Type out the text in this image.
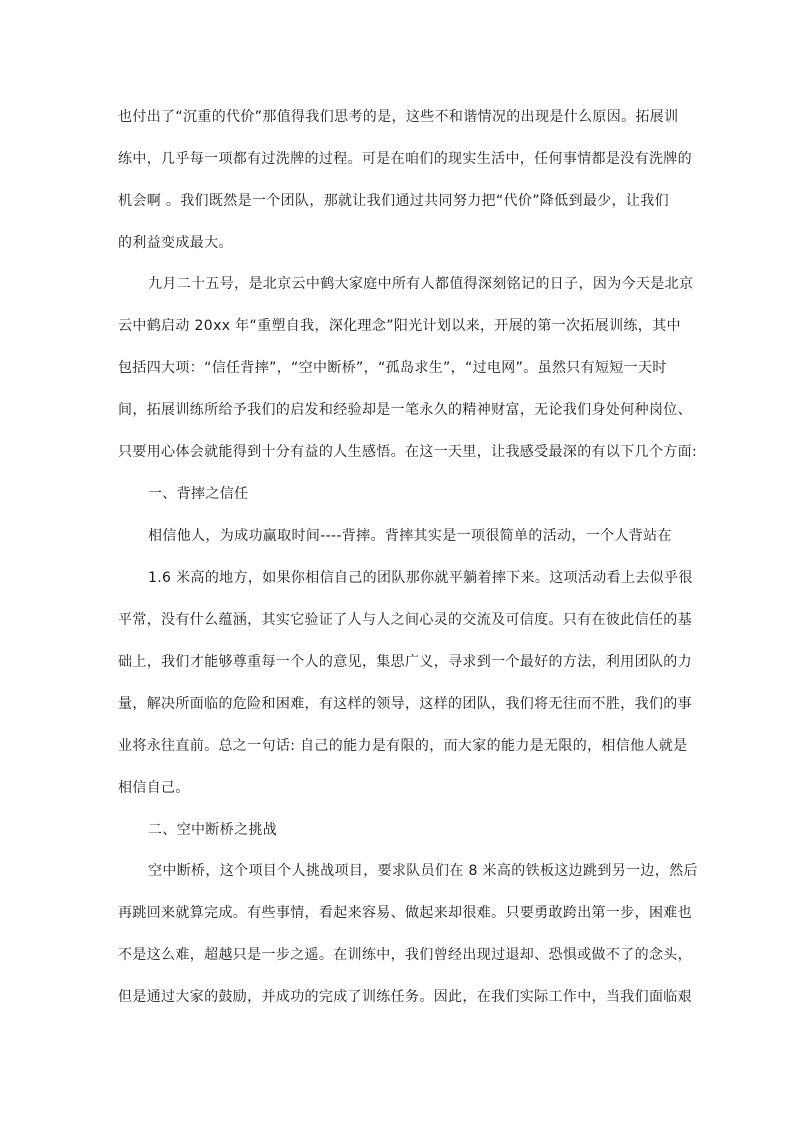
也付出了“沉重的代价”那值得我们思考的是，这些不和谐情况的出现是什么原因。拓展训
练中，几乎每一项都有过洗牌的过程。可是在咱们的现实生活中，任何事情都是没有洗牌的
机会啊 。我们既然是一个团队，那就让我们通过共同努力把“代价”降低到最少，让我们
的利益变成最大。
九月二十五号，是北京云中鹤大家庭中所有人都值得深刻铭记的日子，因为今天是北京
云中鹤启动 20xx 年“重塑自我，深化理念”阳光计划以来，开展的第一次拓展训练，其中
包括四大项：“信任背摔”，“空中断桥”，“孤岛求生”，“过电网”。虽然只有短短一天时
间，拓展训练所给予我们的启发和经验却是一笔永久的精神财富，无论我们身处何种岗位、
只要用心体会就能得到十分有益的人生感悟。在这一天里，让我感受最深的有以下几个方面:
一、背摔之信任
相信他人，为成功赢取时间----背摔。背摔其实是一项很简单的活动，一个人背站在
1.6 米高的地方，如果你相信自己的团队那你就平躺着摔下来。这项活动看上去似乎很
平常，没有什么蕴涵，其实它验证了人与人之间心灵的交流及可信度。只有在彼此信任的基
础上，我们才能够尊重每一个人的意见，集思广义，寻求到一个最好的方法，利用团队的力
量，解决所面临的危险和困难，有这样的领导，这样的团队，我们将无往而不胜，我们的事
业将永往直前。总之一句话: 自己的能力是有限的，而大家的能力是无限的，相信他人就是
相信自己。
二、空中断桥之挑战
空中断桥，这个项目个人挑战项目，要求队员们在 8 米高的铁板这边跳到另一边，然后
再跳回来就算完成。有些事情，看起来容易、做起来却很难。只要勇敢跨出第一步，困难也
不是这么难，超越只是一步之遥。在训练中，我们曾经出现过退却、恐惧或做不了的念头，
但是通过大家的鼓励，并成功的完成了训练任务。因此，在我们实际工作中，当我们面临艰
